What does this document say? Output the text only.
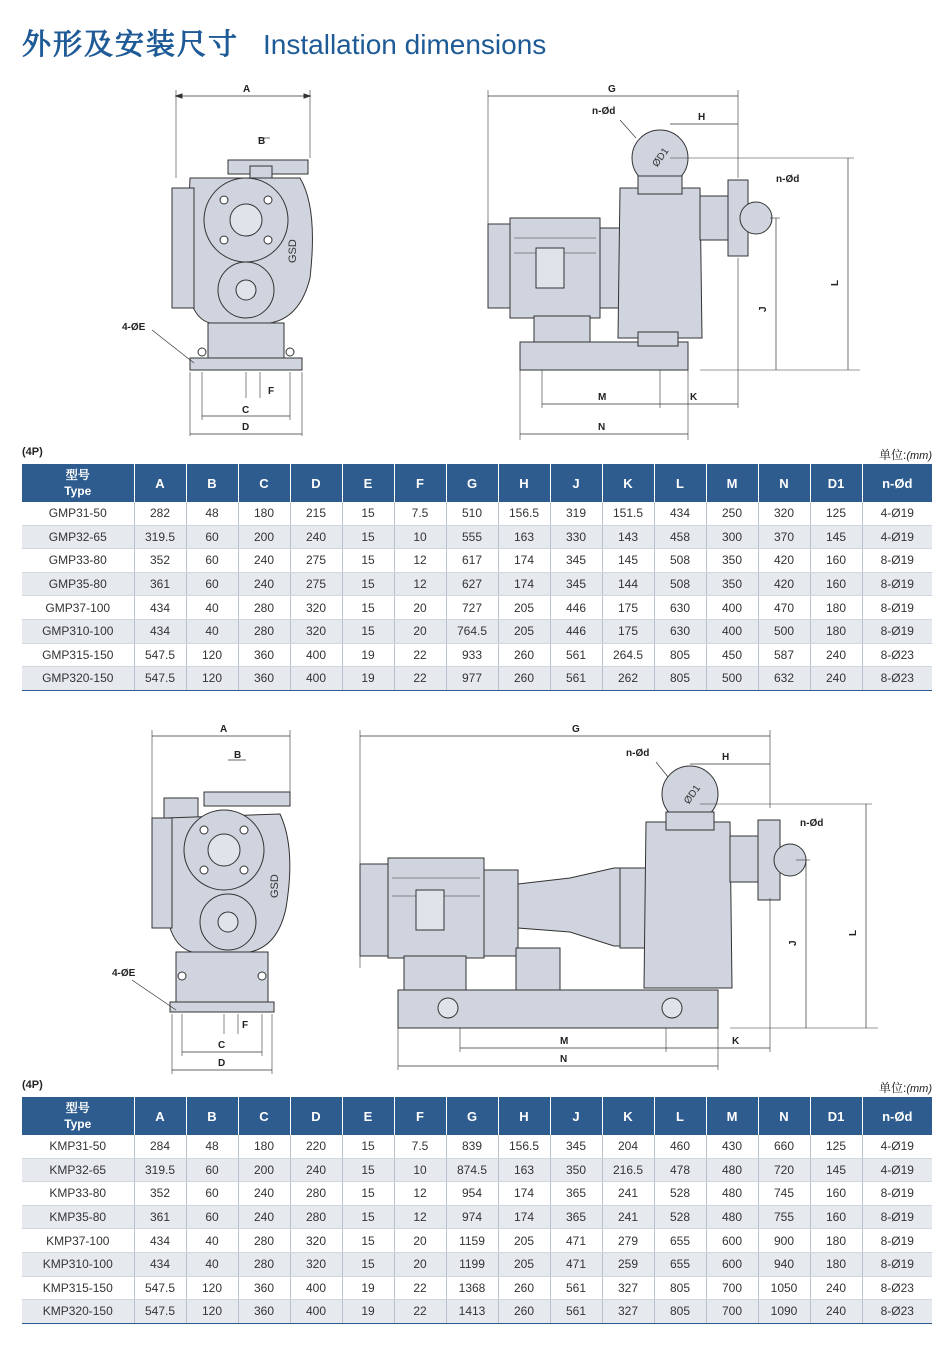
外形及安装尺寸 Installation dimensions
A
B
GSD
4-ØE
F
C
D
G
H
n-Ød
n-Ød
ØD1
J
L
M	K
N
(4P)	单位:(mm)
型号
Type	A	B	C	D	E	F	G	H	J	K	L	M	N	D1	n-Ød
GMP31-50	282	48	180	215	15	7.5	510	156.5	319	151.5	434	250	320	125	4-Ø19
GMP32-65	319.5	60	200	240	15	10	555	163	330	143	458	300	370	145	4-Ø19
GMP33-80	352	60	240	275	15	12	617	174	345	145	508	350	420	160	8-Ø19
GMP35-80	361	60	240	275	15	12	627	174	345	144	508	350	420	160	8-Ø19
GMP37-100	434	40	280	320	15	20	727	205	446	175	630	400	470	180	8-Ø19
GMP310-100	434	40	280	320	15	20	764.5	205	446	175	630	400	500	180	8-Ø19
GMP315-150	547.5	120	360	400	19	22	933	260	561	264.5	805	450	587	240	8-Ø23
GMP320-150	547.5	120	360	400	19	22	977	260	561	262	805	500	632	240	8-Ø23
A
B
GSD
4-ØE
F
C
D
G
H
n-Ød
n-Ød
ØD1
J
L
M	K
N
(4P)	单位:(mm)
型号
Type	A	B	C	D	E	F	G	H	J	K	L	M	N	D1	n-Ød
KMP31-50	284	48	180	220	15	7.5	839	156.5	345	204	460	430	660	125	4-Ø19
KMP32-65	319.5	60	200	240	15	10	874.5	163	350	216.5	478	480	720	145	4-Ø19
KMP33-80	352	60	240	280	15	12	954	174	365	241	528	480	745	160	8-Ø19
KMP35-80	361	60	240	280	15	12	974	174	365	241	528	480	755	160	8-Ø19
KMP37-100	434	40	280	320	15	20	1159	205	471	279	655	600	900	180	8-Ø19
KMP310-100	434	40	280	320	15	20	1199	205	471	259	655	600	940	180	8-Ø19
KMP315-150	547.5	120	360	400	19	22	1368	260	561	327	805	700	1050	240	8-Ø23
KMP320-150	547.5	120	360	400	19	22	1413	260	561	327	805	700	1090	240	8-Ø23
